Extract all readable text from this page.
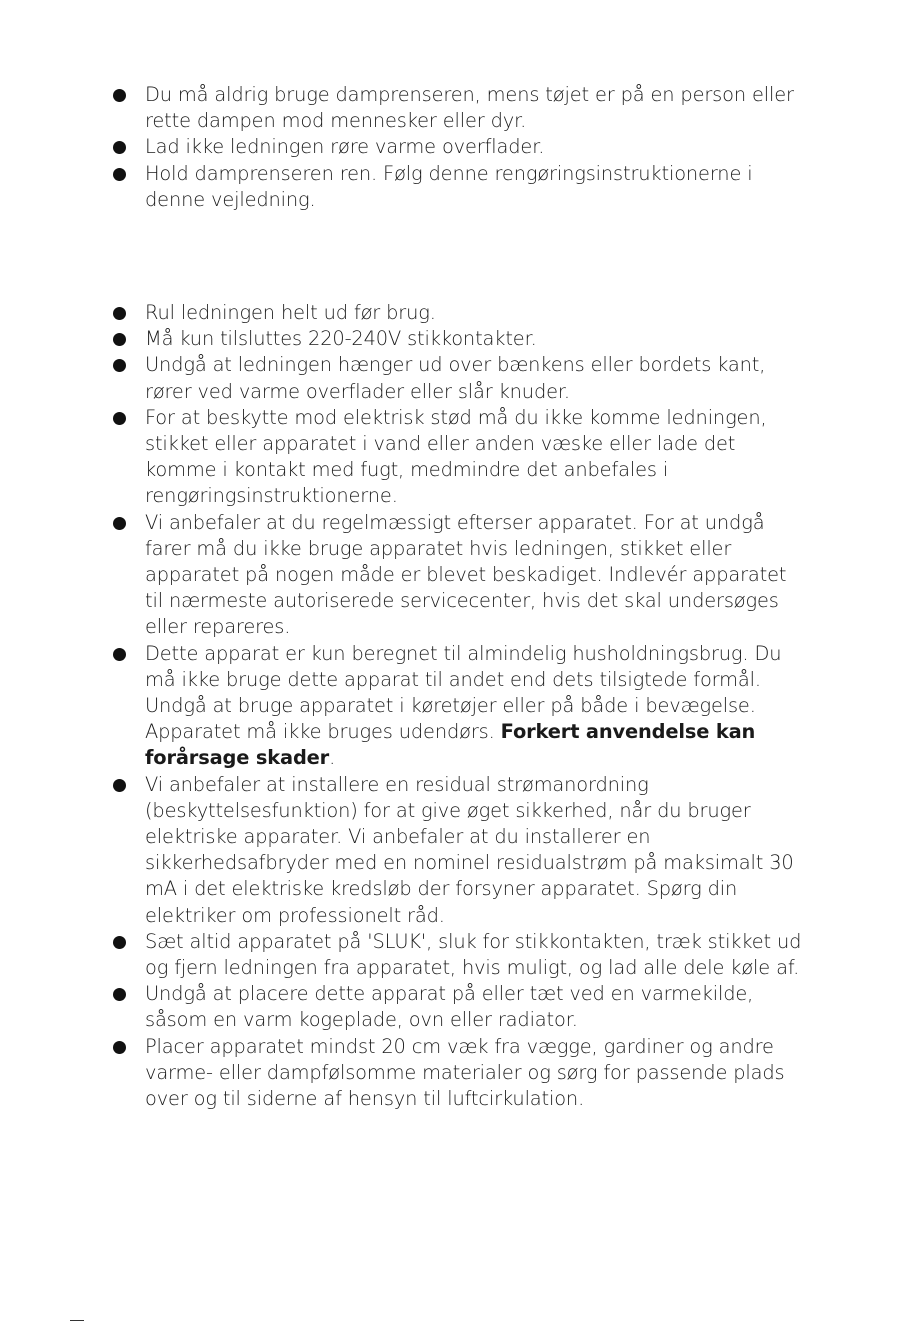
Du må aldrig bruge damprenseren, mens tøjet er på en person eller rette dampen mod mennesker eller dyr.
Lad ikke ledningen røre varme overflader.
Hold damprenseren ren. Følg denne rengøringsinstruktionerne i denne vejledning.
Rul ledningen helt ud før brug.
Må kun tilsluttes 220-240V stikkontakter.
Undgå at ledningen hænger ud over bænkens eller bordets kant, rører ved varme overflader eller slår knuder.
For at beskytte mod elektrisk stød må du ikke komme ledningen, stikket eller apparatet i vand eller anden væske eller lade det komme i kontakt med fugt, medmindre det anbefales i rengøringsinstruktionerne.
Vi anbefaler at du regelmæssigt efterser apparatet. For at undgå farer må du ikke bruge apparatet hvis ledningen, stikket eller apparatet på nogen måde er blevet beskadiget. Indlevér apparatet til nærmeste autoriserede servicecenter, hvis det skal undersøges eller repareres.
Dette apparat er kun beregnet til almindelig husholdningsbrug. Du må ikke bruge dette apparat til andet end dets tilsigtede formål. Undgå at bruge apparatet i køretøjer eller på både i bevægelse. Apparatet må ikke bruges udendørs. Forkert anvendelse kan forårsage skader.
Vi anbefaler at installere en residual strømanordning (beskyttelsesfunktion) for at give øget sikkerhed, når du bruger elektriske apparater. Vi anbefaler at du installerer en sikkerhedsafbryder med en nominel residualstrøm på maksimalt 30 mA i det elektriske kredsløb der forsyner apparatet. Spørg din elektriker om professionelt råd.
Sæt altid apparatet på 'SLUK', sluk for stikkontakten, træk stikket ud og fjern ledningen fra apparatet, hvis muligt, og lad alle dele køle af.
Undgå at placere dette apparat på eller tæt ved en varmekilde, såsom en varm kogeplade, ovn eller radiator.
Placer apparatet mindst 20 cm væk fra vægge, gardiner og andre varme- eller dampfølsomme materialer og sørg for passende plads over og til siderne af hensyn til luftcirkulation.
